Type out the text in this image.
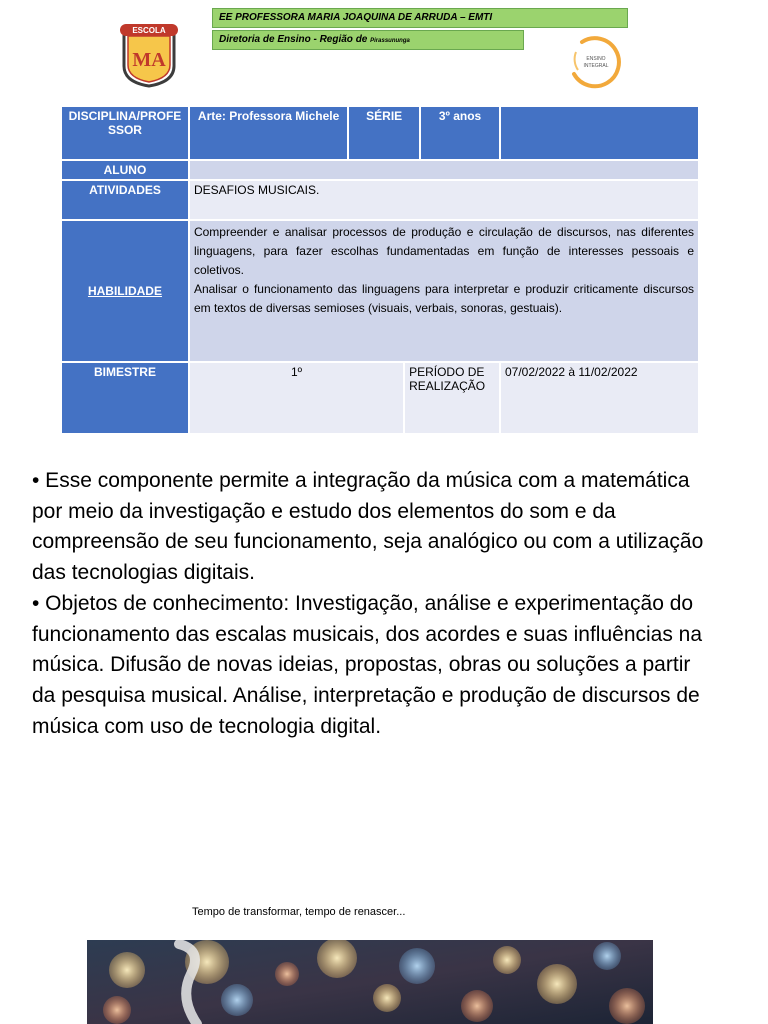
ESCOLA
MA
EE PROFESSORA MARIA JOAQUINA DE ARRUDA – EMTI
Diretoria de Ensino - Região de Pirassununga
ENSINO
INTEGRAL
DISCIPLINA/PROFE SSOR	Arte: Professora Michele	SÉRIE		3º anos	
ALUNO					
ATIVIDADES	DESAFIOS MUSICAIS.				
HABILIDADE	Compreender e analisar processos de produção e circulação de discursos, nas diferentes linguagens, para fazer escolhas fundamentadas em função de interesses pessoais e coletivos.
Analisar o funcionamento das linguagens para interpretar e produzir criticamente discursos em textos de diversas semioses (visuais, verbais, sonoras, gestuais).				

BIMESTRE	1º		PERÍODO DE REALIZAÇÃO		07/02/2022 à 11/02/2022

• Esse componente permite a integração da música com a matemática por meio da investigação e estudo dos elementos do som e da compreensão de seu funcionamento, seja analógico ou com a utilização das tecnologias digitais.

• Objetos de conhecimento: Investigação, análise e experimentação do funcionamento das escalas musicais, dos acordes e suas influências na música. Difusão de novas ideias, propostas, obras ou soluções a partir da pesquisa musical. Análise, interpretação e produção de discursos de música com uso de tecnologia digital.

Tempo de transformar, tempo de renascer...
